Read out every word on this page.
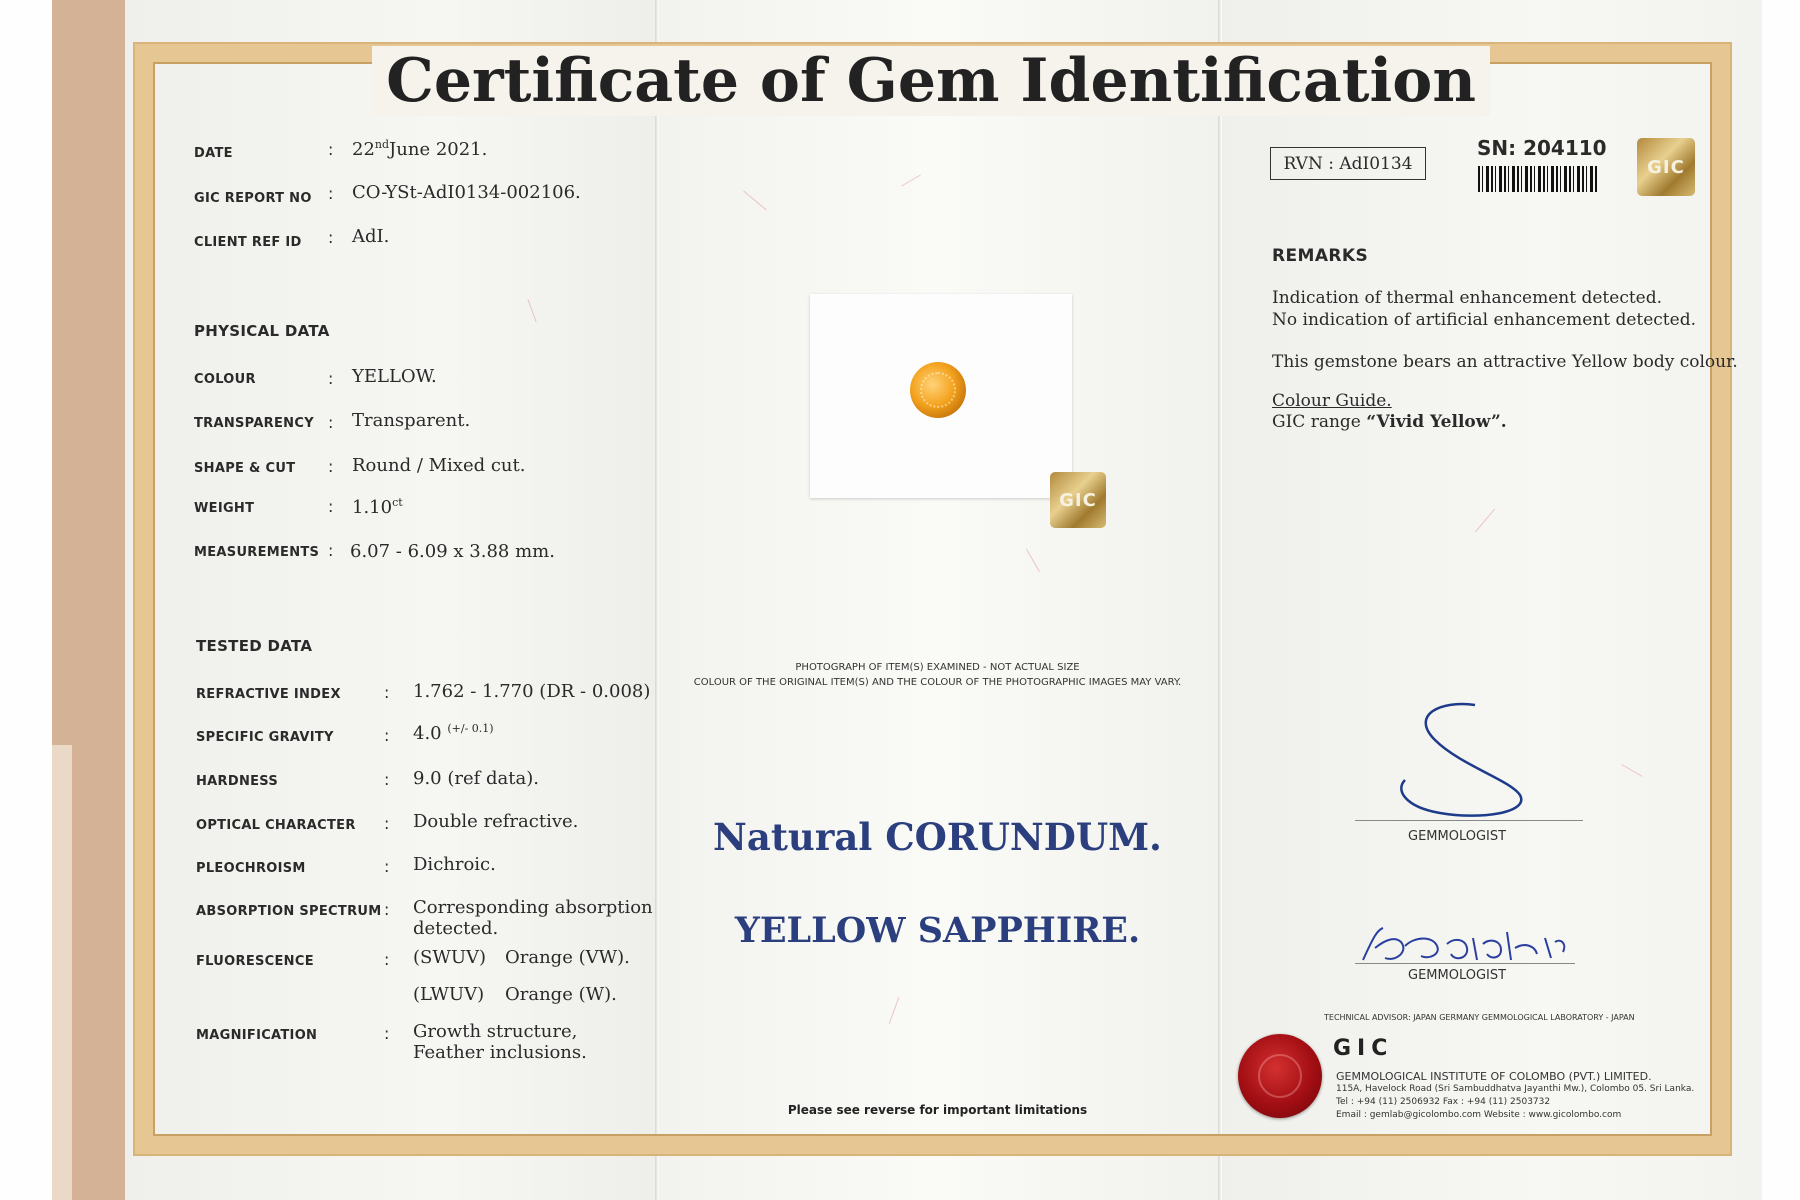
Certificate of Gem Identification
DATE	: 22ndJune 2021.
GIC REPORT NO : CO-YSt-AdI0134-002106.
CLIENT REF ID : AdI.
PHYSICAL DATA
COLOUR	: YELLOW.
TRANSPARENCY : Transparent.
SHAPE & CUT : Round / Mixed cut.
WEIGHT	: $1.10^{ct}$
MEASUREMENTS : 6.07 - 6.09 x 3.88 mm.
TESTED DATA
REFRACTIVE INDEX	: 1.762 - 1.770 (DR - 0.008)
SPECIFIC GRAVITY	: 4.0 $^{(+/- 0.1)}$
HARDNESS	: 9.0 (ref data).
OPTICAL CHARACTER : Double refractive.
PLEOCHROISM	: Dichroic.
ABSORPTION SPECTRUM : Corresponding absorption
detected.
FLUORESCENCE	: (SWUV) Orange (VW).
(LWUV) Orange (W).
MAGNIFICATION	: Growth structure,
Feather inclusions.
GIC
PHOTOGRAPH OF ITEM(S) EXAMINED - NOT ACTUAL SIZE
COLOUR OF THE ORIGINAL ITEM(S) AND THE COLOUR OF THE PHOTOGRAPHIC IMAGES MAY VARY.
Natural CORUNDUM.
YELLOW SAPPHIRE.
Please see reverse for important limitations
RVN : AdI0134
SN: 204110
GIC
REMARKS
Indication of thermal enhancement detected.
No indication of artificial enhancement detected.
This gemstone bears an attractive Yellow body colour.
Colour Guide.
GIC range “Vivid Yellow”.
GEMMOLOGIST
GEMMOLOGIST
TECHNICAL ADVISOR: JAPAN GERMANY GEMMOLOGICAL LABORATORY - JAPAN
GIC
GEMMOLOGICAL INSTITUTE OF COLOMBO (PVT.) LIMITED.
115A, Havelock Road (Sri Sambuddhatva Jayanthi Mw.), Colombo 05. Sri Lanka.
Tel : +94 (11) 2506932 Fax : +94 (11) 2503732
Email : gemlab@gicolombo.com Website : www.gicolombo.com
